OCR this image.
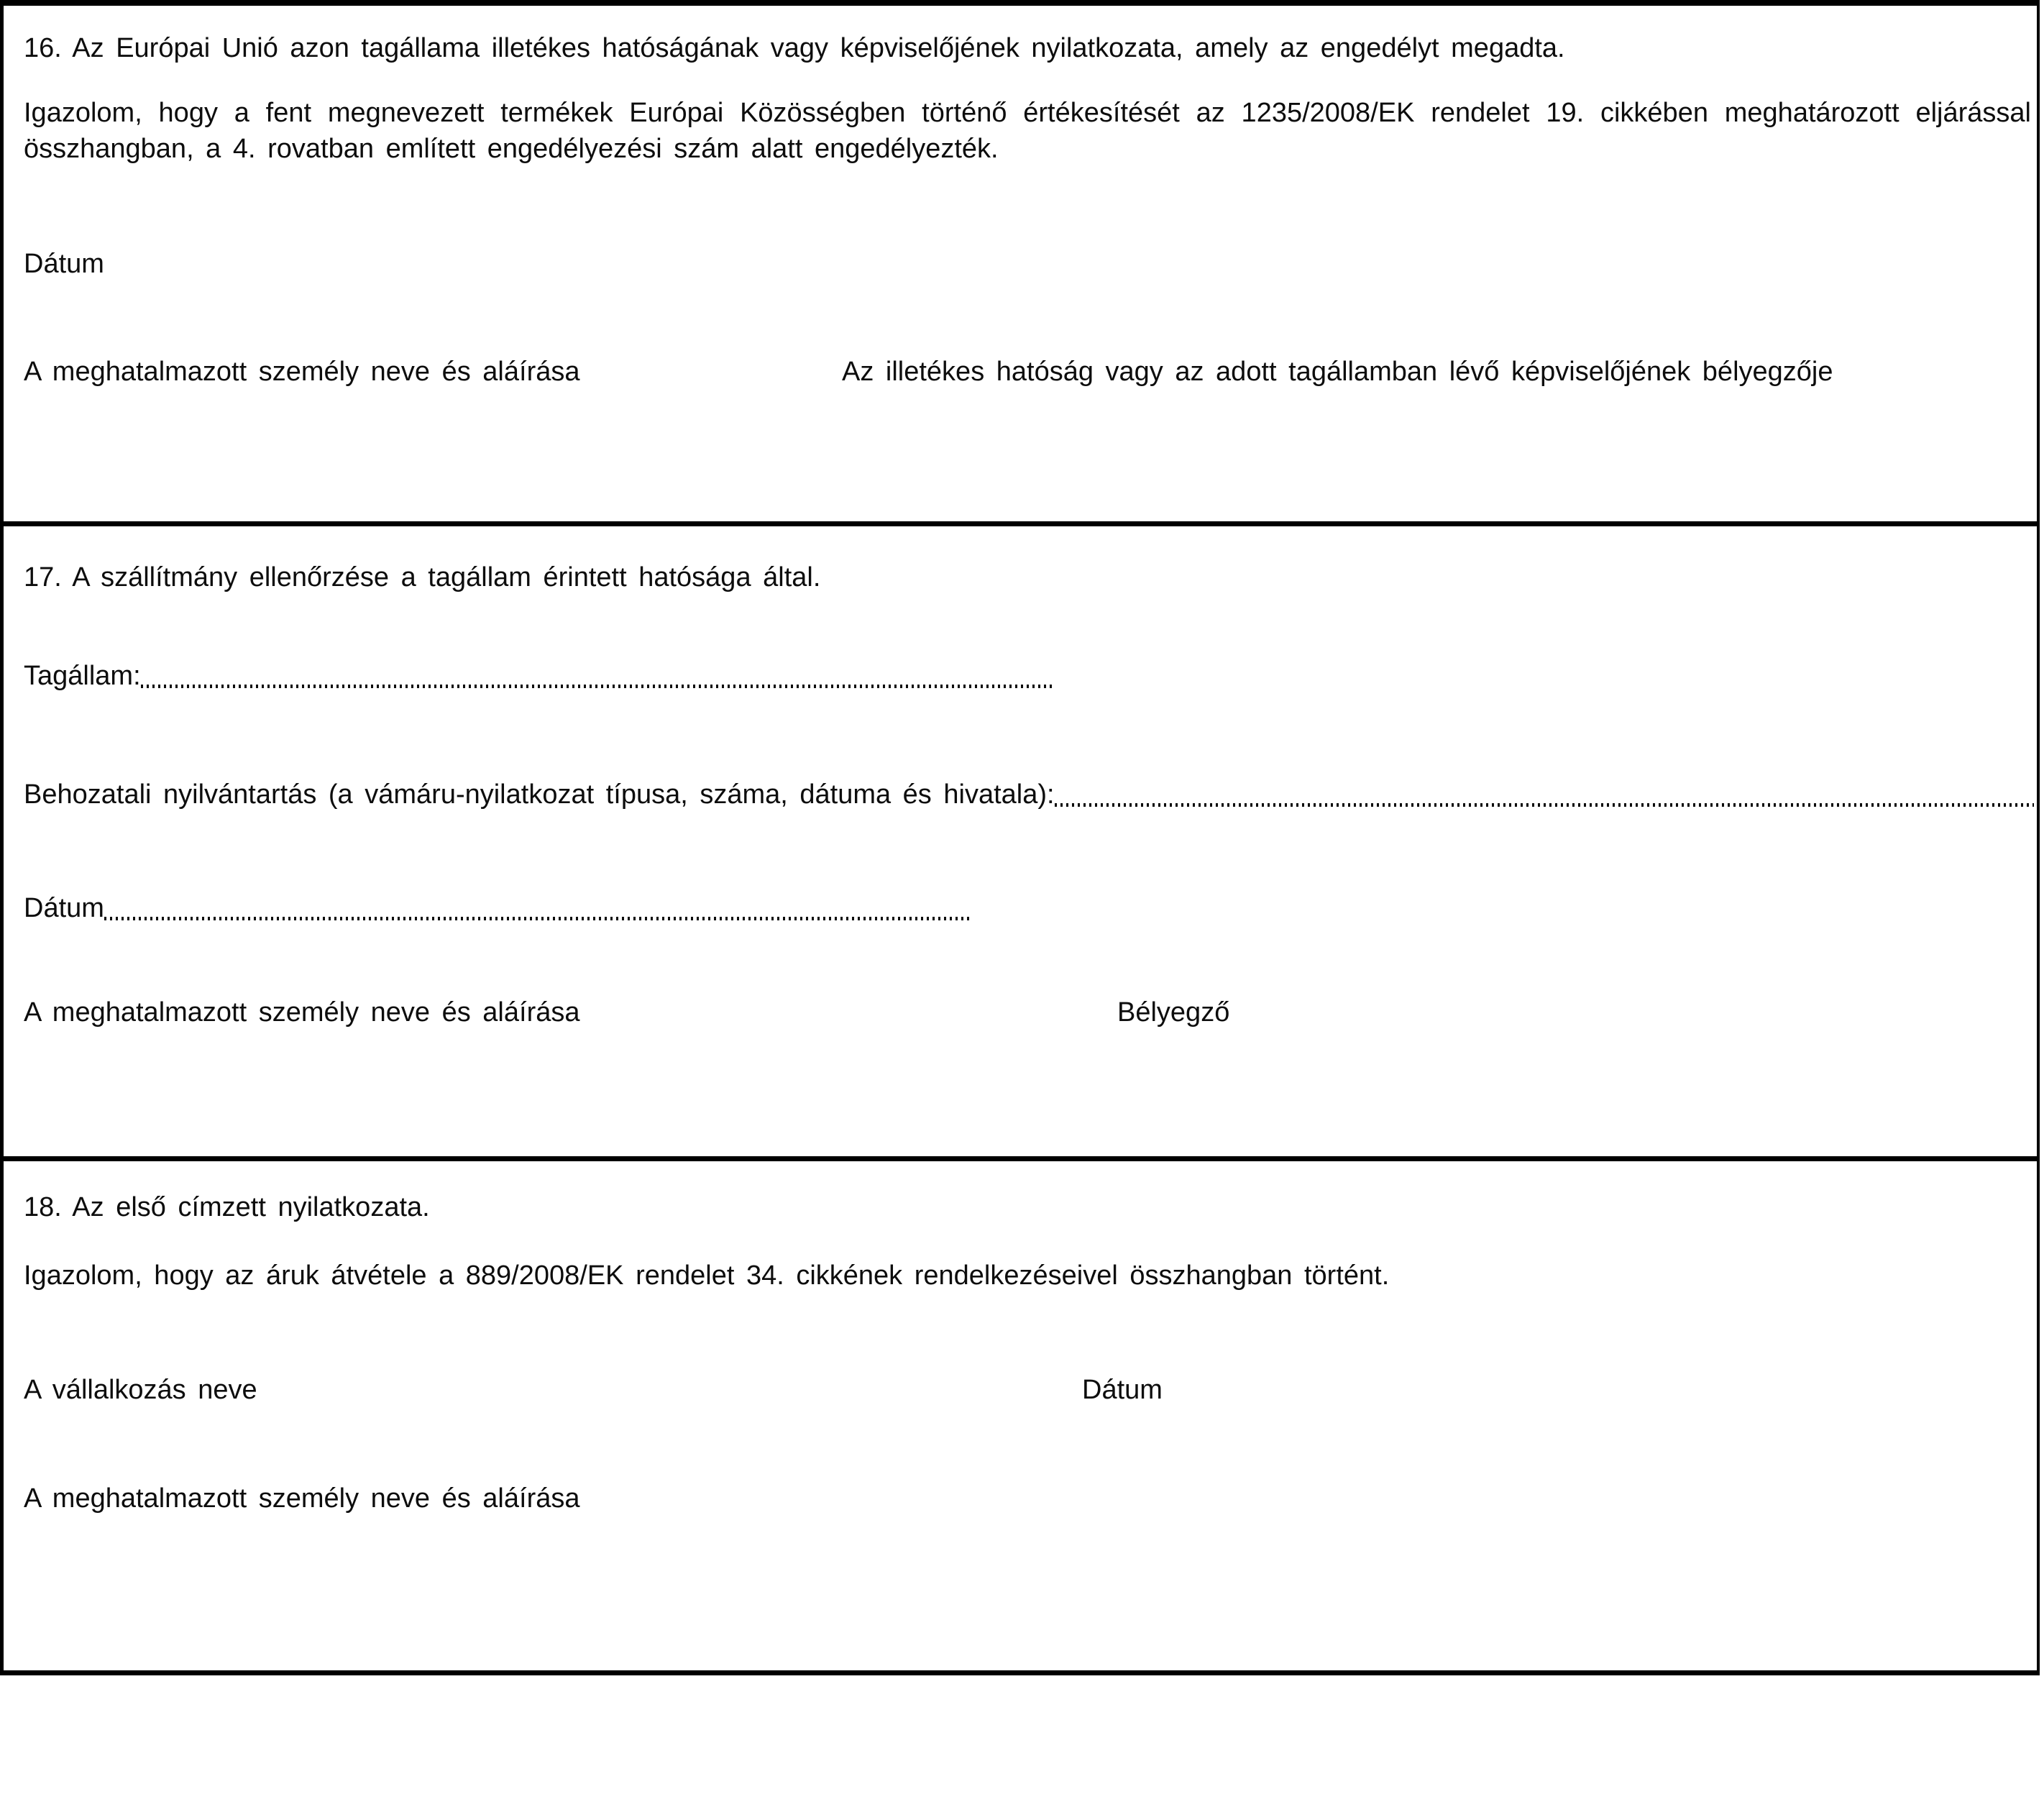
16. Az Európai Unió azon tagállama illetékes hatóságának vagy képviselőjének nyilatkozata, amely az engedélyt megadta.
Igazolom, hogy a fent megnevezett termékek Európai Közösségben történő értékesítését az 1235/2008/EK rendelet 19. cikkében meghatározott eljárással összhangban, a 4. rovatban említett engedélyezési szám alatt engedélyezték.
Dátum
A meghatalmazott személy neve és aláírása	Az illetékes hatóság vagy az adott tagállamban lévő képviselőjének bélyegzője
17. A szállítmány ellenőrzése a tagállam érintett hatósága által.
Tagállam:
Behozatali nyilvántartás (a vámáru-nyilatkozat típusa, száma, dátuma és hivatala):
Dátum
A meghatalmazott személy neve és aláírása	Bélyegző
18. Az első címzett nyilatkozata.
Igazolom, hogy az áruk átvétele a 889/2008/EK rendelet 34. cikkének rendelkezéseivel összhangban történt.
A vállalkozás neve	Dátum
A meghatalmazott személy neve és aláírása
